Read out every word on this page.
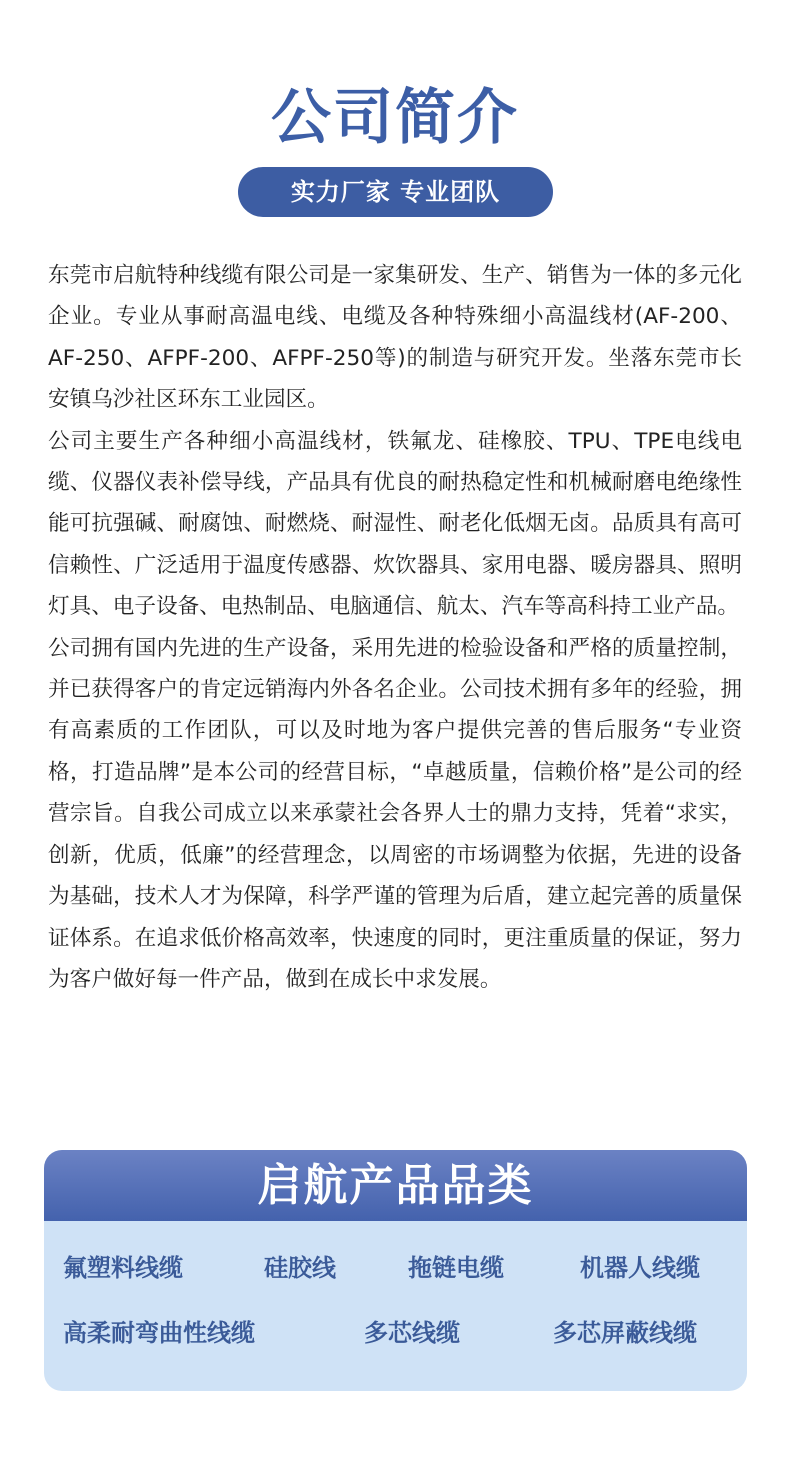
公司简介
实力厂家 专业团队

东莞市启航特种线缆有限公司是一家集研发、生产、销售为一体的多元化企业。专业从事耐高温电线、电缆及各种特殊细小高温线材(AF-200、AF-250、AFPF-200、AFPF-250等)的制造与研究开发。坐落东莞市长安镇乌沙社区环东工业园区。

公司主要生产各种细小高温线材，铁氟龙、硅橡胶、TPU、TPE电线电缆、仪器仪表补偿导线，产品具有优良的耐热稳定性和机械耐磨电绝缘性能可抗强碱、耐腐蚀、耐燃烧、耐湿性、耐老化低烟无卤。品质具有高可信赖性、广泛适用于温度传感器、炊饮器具、家用电器、暖房器具、照明灯具、电子设备、电热制品、电脑通信、航太、汽车等高科持工业产品。

公司拥有国内先进的生产设备，采用先进的检验设备和严格的质量控制，并已获得客户的肯定远销海内外各名企业。公司技术拥有多年的经验，拥有高素质的工作团队，可以及时地为客户提供完善的售后服务“专业资格，打造品牌”是本公司的经营目标，“卓越质量，信赖价格”是公司的经营宗旨。自我公司成立以来承蒙社会各界人士的鼎力支持，凭着“求实，创新，优质，低廉”的经营理念，以周密的市场调整为依据，先进的设备为基础，技术人才为保障，科学严谨的管理为后盾，建立起完善的质量保证体系。在追求低价格高效率，快速度的同时，更注重质量的保证，努力为客户做好每一件产品，做到在成长中求发展。

启航产品品类
氟塑料线缆	硅胶线	拖链电缆	机器人线缆
高柔耐弯曲性线缆	多芯线缆	多芯屏蔽线缆
